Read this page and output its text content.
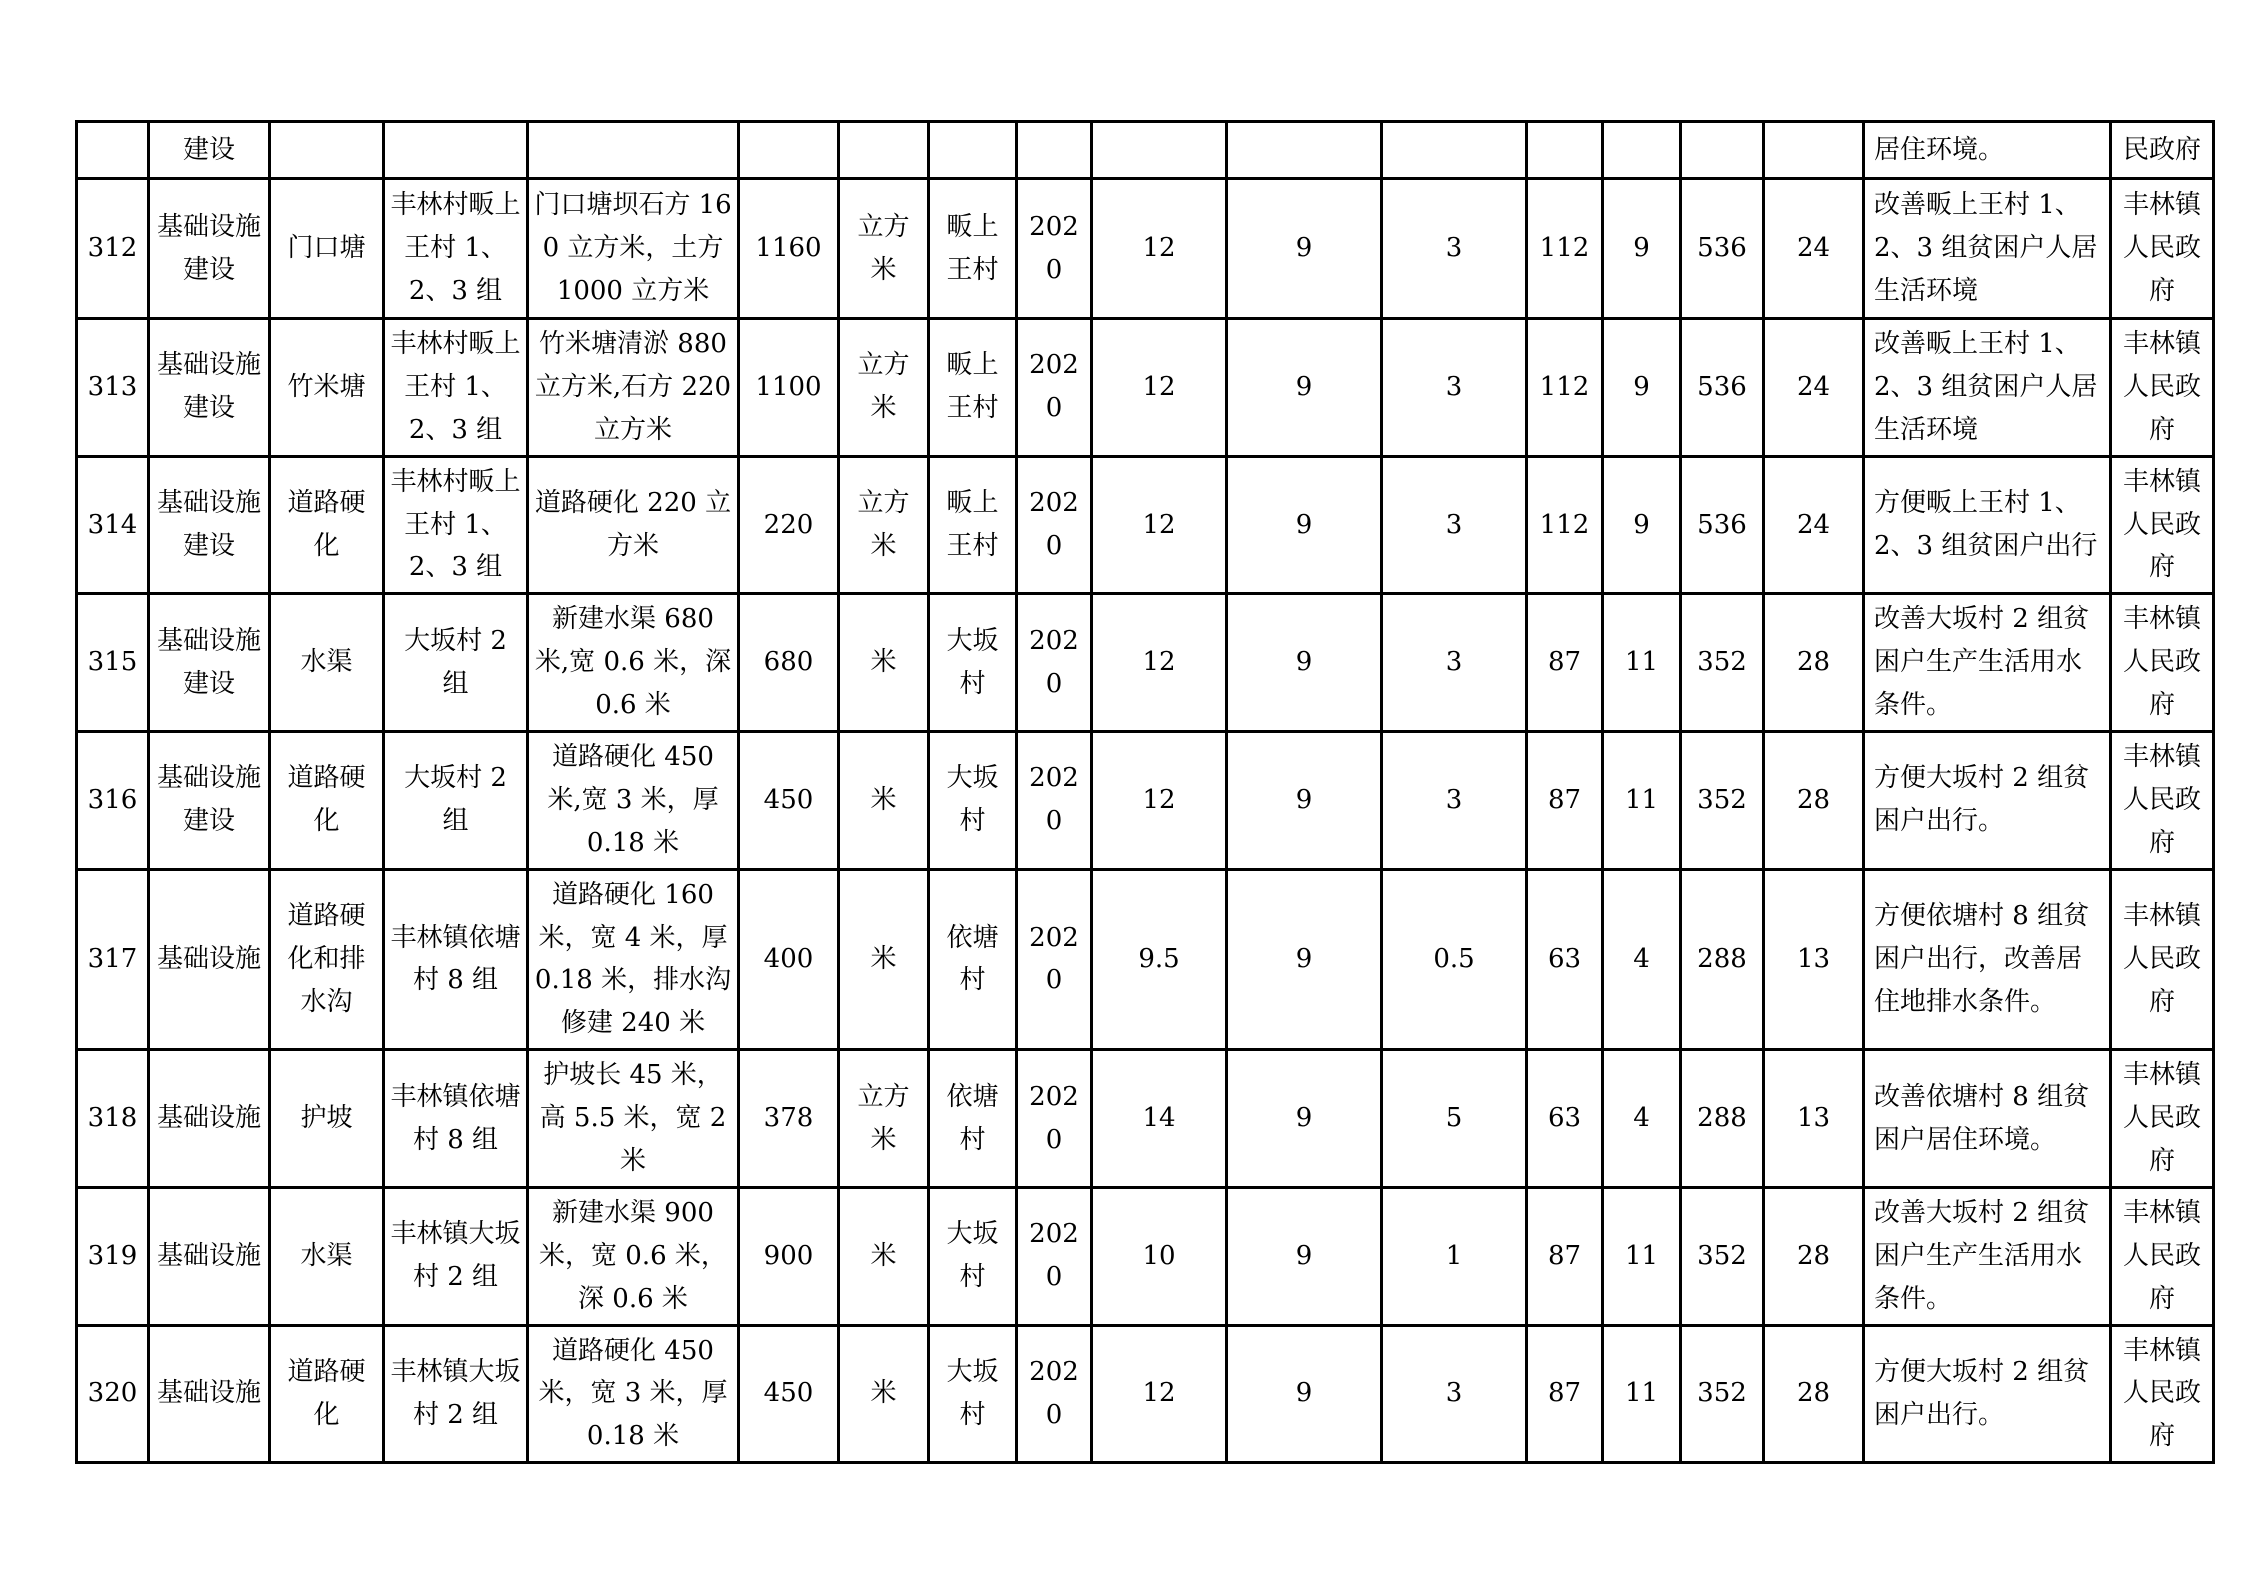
	建设															居住环境。	民政府
312	基础设施建设	门口塘	丰林村畈上王村 1、2、3 组	门口塘坝石方 160 立方米，土方 1000 立方米	1160	立方米	畈上王村	2020	12	9	3	112	9	536	24	改善畈上王村 1、2、3 组贫困户人居生活环境	丰林镇人民政府
313	基础设施建设	竹米塘	丰林村畈上王村 1、2、3 组	竹米塘清淤 880 立方米,石方 220 立方米	1100	立方米	畈上王村	2020	12	9	3	112	9	536	24	改善畈上王村 1、2、3 组贫困户人居生活环境	丰林镇人民政府
314	基础设施建设	道路硬化	丰林村畈上王村 1、2、3 组	道路硬化 220 立方米	220	立方米	畈上王村	2020	12	9	3	112	9	536	24	方便畈上王村 1、2、3 组贫困户出行	丰林镇人民政府
315	基础设施建设	水渠	大坂村 2 组	新建水渠 680 米,宽 0.6 米，深 0.6 米	680	米	大坂村	2020	12	9	3	87	11	352	28	改善大坂村 2 组贫困户生产生活用水条件。	丰林镇人民政府
316	基础设施建设	道路硬化	大坂村 2 组	道路硬化 450 米,宽 3 米，厚 0.18 米	450	米	大坂村	2020	12	9	3	87	11	352	28	方便大坂村 2 组贫困户出行。	丰林镇人民政府
317	基础设施	道路硬化和排水沟	丰林镇依塘村 8 组	道路硬化 160 米，宽 4 米，厚 0.18 米，排水沟修建 240 米	400	米	依塘村	2020	9.5	9	0.5	63	4	288	13	方便依塘村 8 组贫困户出行，改善居住地排水条件。	丰林镇人民政府
318	基础设施	护坡	丰林镇依塘村 8 组	护坡长 45 米，高 5.5 米，宽 2 米	378	立方米	依塘村	2020	14	9	5	63	4	288	13	改善依塘村 8 组贫困户居住环境。	丰林镇人民政府
319	基础设施	水渠	丰林镇大坂村 2 组	新建水渠 900 米，宽 0.6 米，深 0.6 米	900	米	大坂村	2020	10	9	1	87	11	352	28	改善大坂村 2 组贫困户生产生活用水条件。	丰林镇人民政府
320	基础设施	道路硬化	丰林镇大坂村 2 组	道路硬化 450 米，宽 3 米，厚 0.18 米	450	米	大坂村	2020	12	9	3	87	11	352	28	方便大坂村 2 组贫困户出行。	丰林镇人民政府
